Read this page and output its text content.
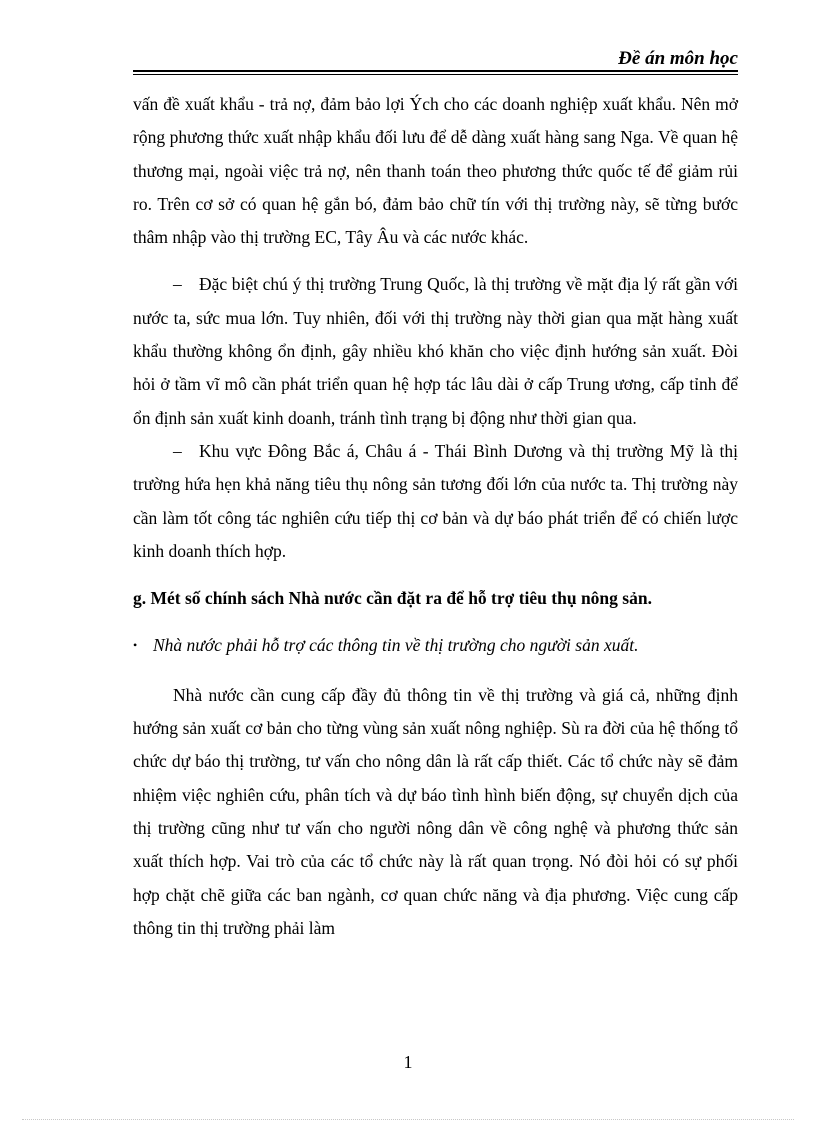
Đề án môn học

vấn đề xuất khẩu - trả nợ, đảm bảo lợi Ých cho các doanh nghiệp xuất khẩu. Nên mở rộng phương thức xuất nhập khẩu đối lưu để dễ dàng xuất hàng sang Nga. Về quan hệ thương mại, ngoài việc trả nợ, nên thanh toán theo phương thức quốc tế để giảm rủi ro. Trên cơ sở có quan hệ gắn bó, đảm bảo chữ tín với thị trường này, sẽ từng bước thâm nhập vào thị trường EC, Tây Âu và các nước khác.

– Đặc biệt chú ý thị trường Trung Quốc, là thị trường về mặt địa lý rất gần với nước ta, sức mua lớn. Tuy nhiên, đối với thị trường này thời gian qua mặt hàng xuất khẩu thường không ổn định, gây nhiều khó khăn cho việc định hướng sản xuất. Đòi hỏi ở tầm vĩ mô cần phát triển quan hệ hợp tác lâu dài ở cấp Trung ương, cấp tỉnh để ổn định sản xuất kinh doanh, tránh tình trạng bị động như thời gian qua.

– Khu vực Đông Bắc á, Châu á - Thái Bình Dương và thị trường Mỹ là thị trường hứa hẹn khả năng tiêu thụ nông sản tương đối lớn của nước ta. Thị trường này cần làm tốt công tác nghiên cứu tiếp thị cơ bản và dự báo phát triển để có chiến lược kinh doanh thích hợp.

g. Mét số chính sách Nhà nước cần đặt ra để hỗ trợ tiêu thụ nông sản.

• Nhà nước phải hỗ trợ các thông tin về thị trường cho người sản xuất.

Nhà nước cần cung cấp đầy đủ thông tin về thị trường và giá cả, những định hướng sản xuất cơ bản cho từng vùng sản xuất nông nghiệp. Sù ra đời của hệ thống tổ chức dự báo thị trường, tư vấn cho nông dân là rất cấp thiết. Các tổ chức này sẽ đảm nhiệm việc nghiên cứu, phân tích và dự báo tình hình biến động, sự chuyển dịch của thị trường cũng như tư vấn cho người nông dân về công nghệ và phương thức sản xuất thích hợp. Vai trò của các tổ chức này là rất quan trọng. Nó đòi hỏi có sự phối hợp chặt chẽ giữa các ban ngành, cơ quan chức năng và địa phương. Việc cung cấp thông tin thị trường phải làm

1
